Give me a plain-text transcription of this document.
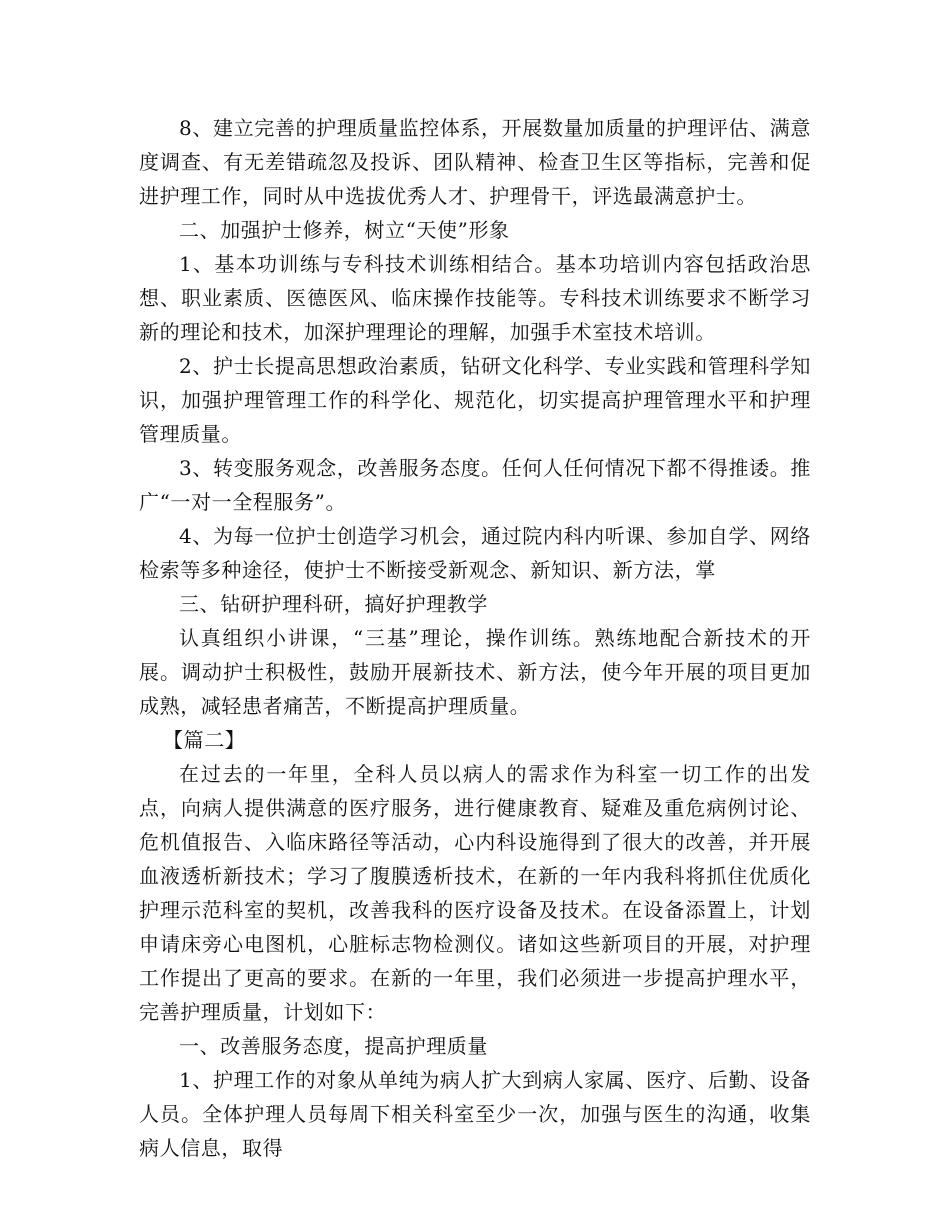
8、建立完善的护理质量监控体系，开展数量加质量的护理评估、满意度调查、有无差错疏忽及投诉、团队精神、检查卫生区等指标，完善和促进护理工作，同时从中选拔优秀人才、护理骨干，评选最满意护士。

二、加强护士修养，树立“天使”形象

1、基本功训练与专科技术训练相结合。基本功培训内容包括政治思想、职业素质、医德医风、临床操作技能等。专科技术训练要求不断学习新的理论和技术，加深护理理论的理解，加强手术室技术培训。

2、护士长提高思想政治素质，钻研文化科学、专业实践和管理科学知识，加强护理管理工作的科学化、规范化，切实提高护理管理水平和护理管理质量。

3、转变服务观念，改善服务态度。任何人任何情况下都不得推诿。推广“一对一全程服务”。

4、为每一位护士创造学习机会，通过院内科内听课、参加自学、网络检索等多种途径，使护士不断接受新观念、新知识、新方法，掌

三、钻研护理科研，搞好护理教学

认真组织小讲课，“三基”理论，操作训练。熟练地配合新技术的开展。调动护士积极性，鼓励开展新技术、新方法，使今年开展的项目更加成熟，减轻患者痛苦，不断提高护理质量。

【篇二】

在过去的一年里，全科人员以病人的需求作为科室一切工作的出发点，向病人提供满意的医疗服务，进行健康教育、疑难及重危病例讨论、危机值报告、入临床路径等活动，心内科设施得到了很大的改善，并开展血液透析新技术；学习了腹膜透析技术，在新的一年内我科将抓住优质化护理示范科室的契机，改善我科的医疗设备及技术。在设备添置上，计划申请床旁心电图机，心脏标志物检测仪。诸如这些新项目的开展，对护理工作提出了更高的要求。在新的一年里，我们必须进一步提高护理水平，完善护理质量，计划如下：

一、改善服务态度，提高护理质量

1、护理工作的对象从单纯为病人扩大到病人家属、医疗、后勤、设备人员。全体护理人员每周下相关科室至少一次，加强与医生的沟通，收集病人信息，取得
